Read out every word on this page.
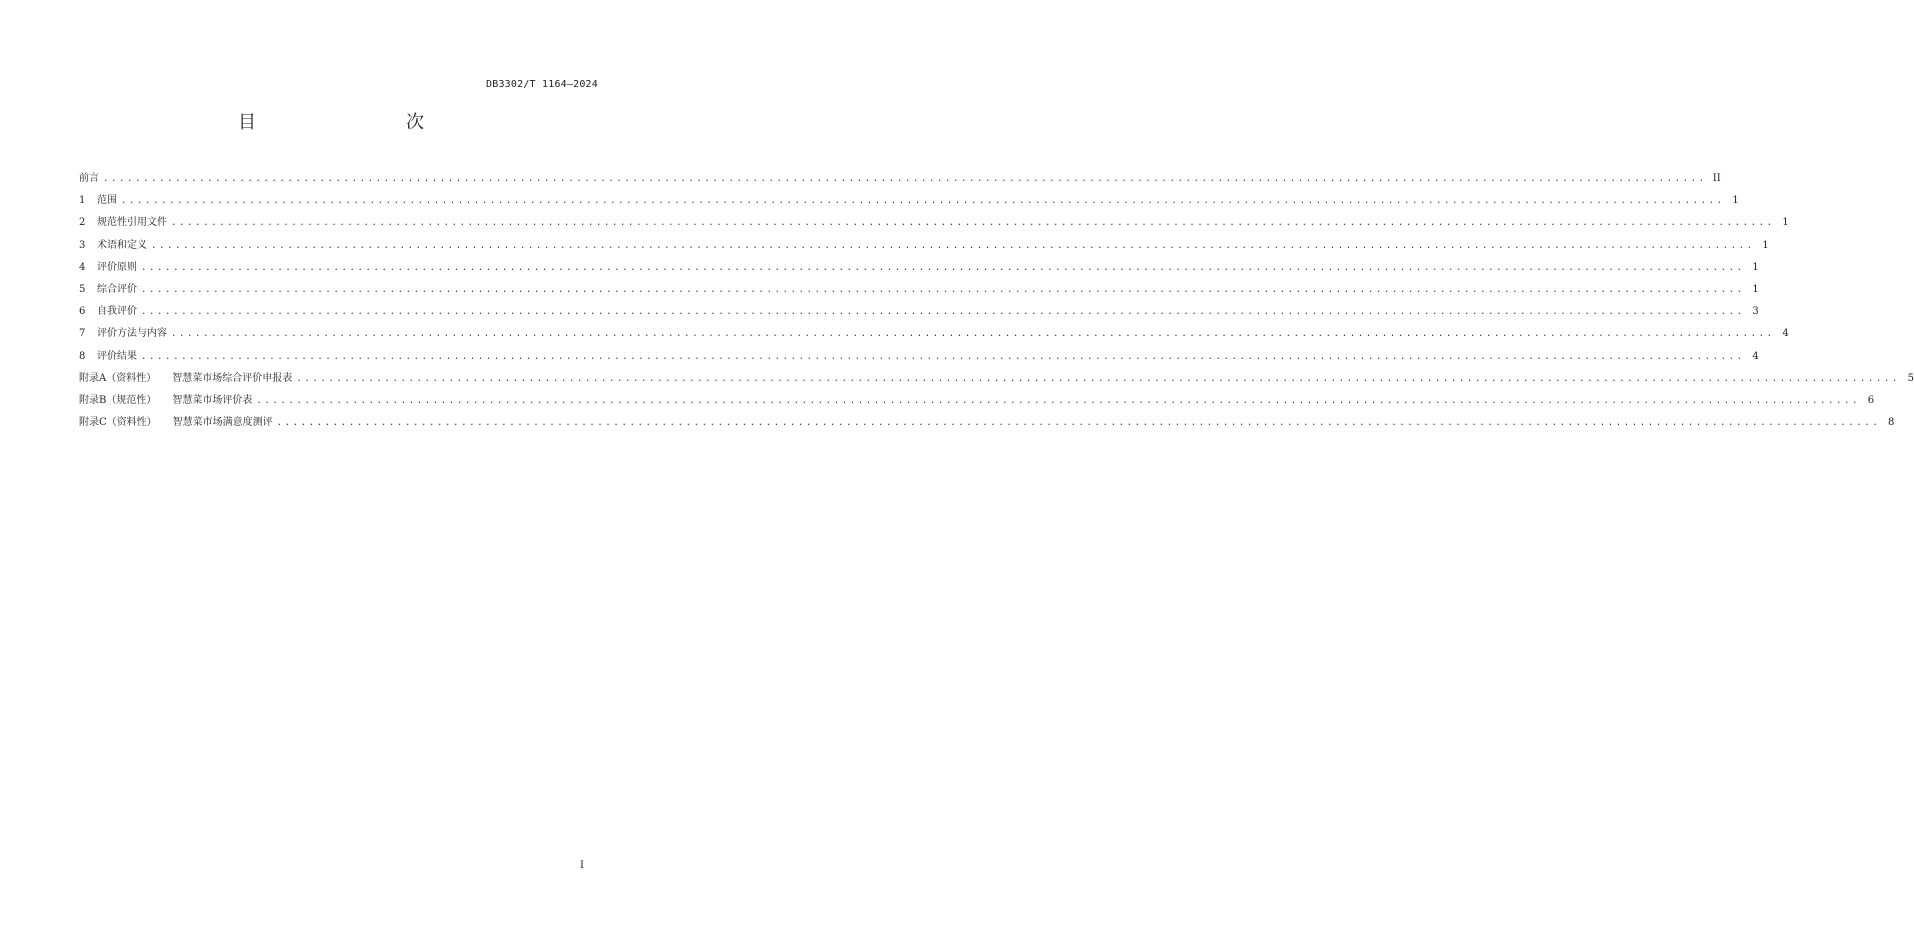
DB3302/T 1164—2024
目　　次
前言 ........................................................................................................................................................................................................ II
1	范围 ........................................................................................................................................................................................................ 1
2	规范性引用文件 ........................................................................................................................................................................................................ 1
3	术语和定义 ........................................................................................................................................................................................................ 1
4	评价原则 ........................................................................................................................................................................................................ 1
5	综合评价 ........................................................................................................................................................................................................ 1
6	自我评价 ........................................................................................................................................................................................................ 3
7	评价方法与内容 ........................................................................................................................................................................................................ 4
8	评价结果 ........................................................................................................................................................................................................ 4
附录A（资料性） 智慧菜市场综合评价申报表 ........................................................................................................................................................................................................ 5
附录B（规范性） 智慧菜市场评价表 ........................................................................................................................................................................................................ 6
附录C（资料性） 智慧菜市场满意度测评 ........................................................................................................................................................................................................ 8
I
